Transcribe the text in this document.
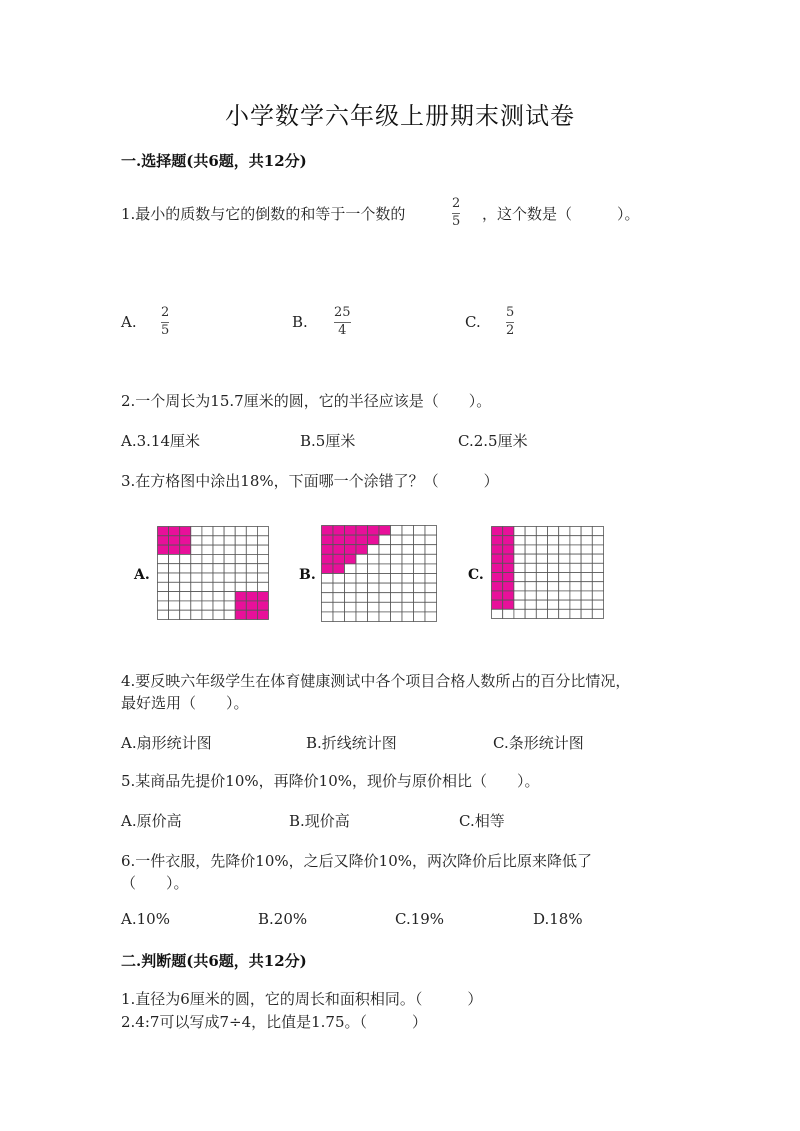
小学数学六年级上册期末测试卷
一.选择题(共6题，共12分)
1.最小的质数与它的倒数的和等于一个数的
2
5 ，这个数是（　　　）。
A.
2
5	B.
25
4	C.
5
2
2.一个周长为15.7厘米的圆，它的半径应该是（　　）。
A.3.14厘米	B.5厘米	C.2.5厘米
3.在方格图中涂出18%，下面哪一个涂错了？（　　　）
A.	B.	C.
4.要反映六年级学生在体育健康测试中各个项目合格人数所占的百分比情况，
最好选用（　　）。
A.扇形统计图	B.折线统计图	C.条形统计图
5.某商品先提价10%，再降价10%，现价与原价相比（　　）。
A.原价高	B.现价高	C.相等
6.一件衣服，先降价10%，之后又降价10%，两次降价后比原来降低了
（　　）。
A.10%	B.20%	C.19%	D.18%
二.判断题(共6题，共12分)
1.直径为6厘米的圆，它的周长和面积相同。（　　　）
2.4:7可以写成7÷4，比值是1.75。（　　　）
